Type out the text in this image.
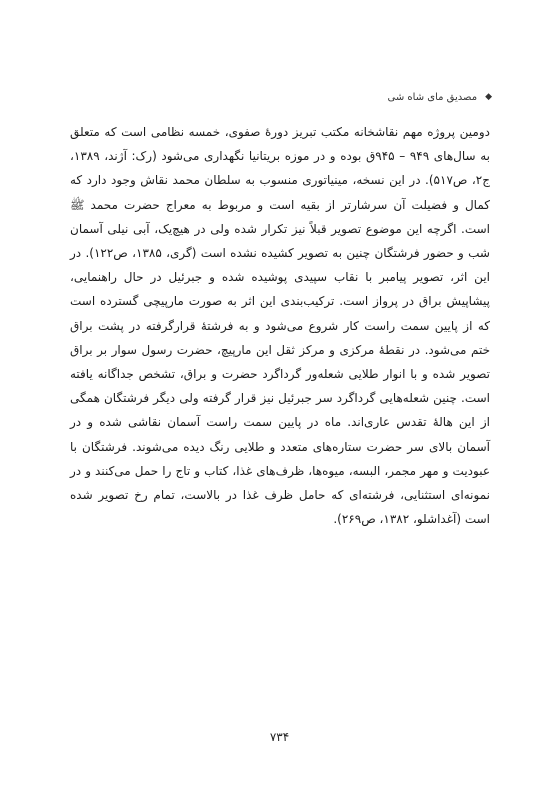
◆
مصدیق مای شاه شی

دومین پروژه مهم نقاشخانه مکتب تبریز دورهٔ صفوی، خمسه نظامی است که متعلق به سال‌های ۹۴۹ – ۹۴۵ق بوده و در موزه بریتانیا نگهداری می‌شود (رک: آژند، ۱۳۸۹، ج۲، ص۵۱۷). در این نسخه، مینیاتوری منسوب به سلطان محمد نقاش وجود دارد که کمال و فضیلت آن سرشارتر از بقیه است و مربوط به معراج حضرت محمد ﷺ است. اگرچه این موضوع تصویر قبلاً نیز تکرار شده ولی در هیچ‌یک، آبی نیلی آسمان شب و حضور فرشتگان چنین به تصویر کشیده نشده است (گری، ۱۳۸۵، ص۱۲۲). در این اثر، تصویر پیامبر با نقاب سپیدی پوشیده شده و جبرئیل در حال راهنمایی، پیشاپیش براق در پرواز است. ترکیب‌بندی این اثر به صورت مارپیچی گسترده است که از پایین سمت راست کار شروع می‌شود و به فرشتهٔ قرارگرفته در پشت براق ختم می‌شود. در نقطهٔ مرکزی و مرکز ثقل این مارپیچ، حضرت رسول سوار بر براق تصویر شده و با انوار طلایی شعله‌ور گرداگرد حضرت و براق، تشخص جداگانه یافته است. چنین شعله‌هایی گرداگرد سر جبرئیل نیز قرار گرفته ولی دیگر فرشتگان همگی از این هالهٔ تقدس عاری‌اند. ماه در پایین سمت راست آسمان نقاشی شده و در آسمان بالای سر حضرت ستاره‌های متعدد و طلایی رنگ دیده می‌شوند. فرشتگان با عبودیت و مهر مجمر، البسه، میوه‌ها، ظرف‌های غذا، کتاب و تاج را حمل می‌کنند و در نمونه‌ای استثنایی، فرشته‌ای که حامل ظرف غذا در بالاست، تمام رخ تصویر شده است (آغداشلو، ۱۳۸۲، ص۲۶۹).

۷۳۴
